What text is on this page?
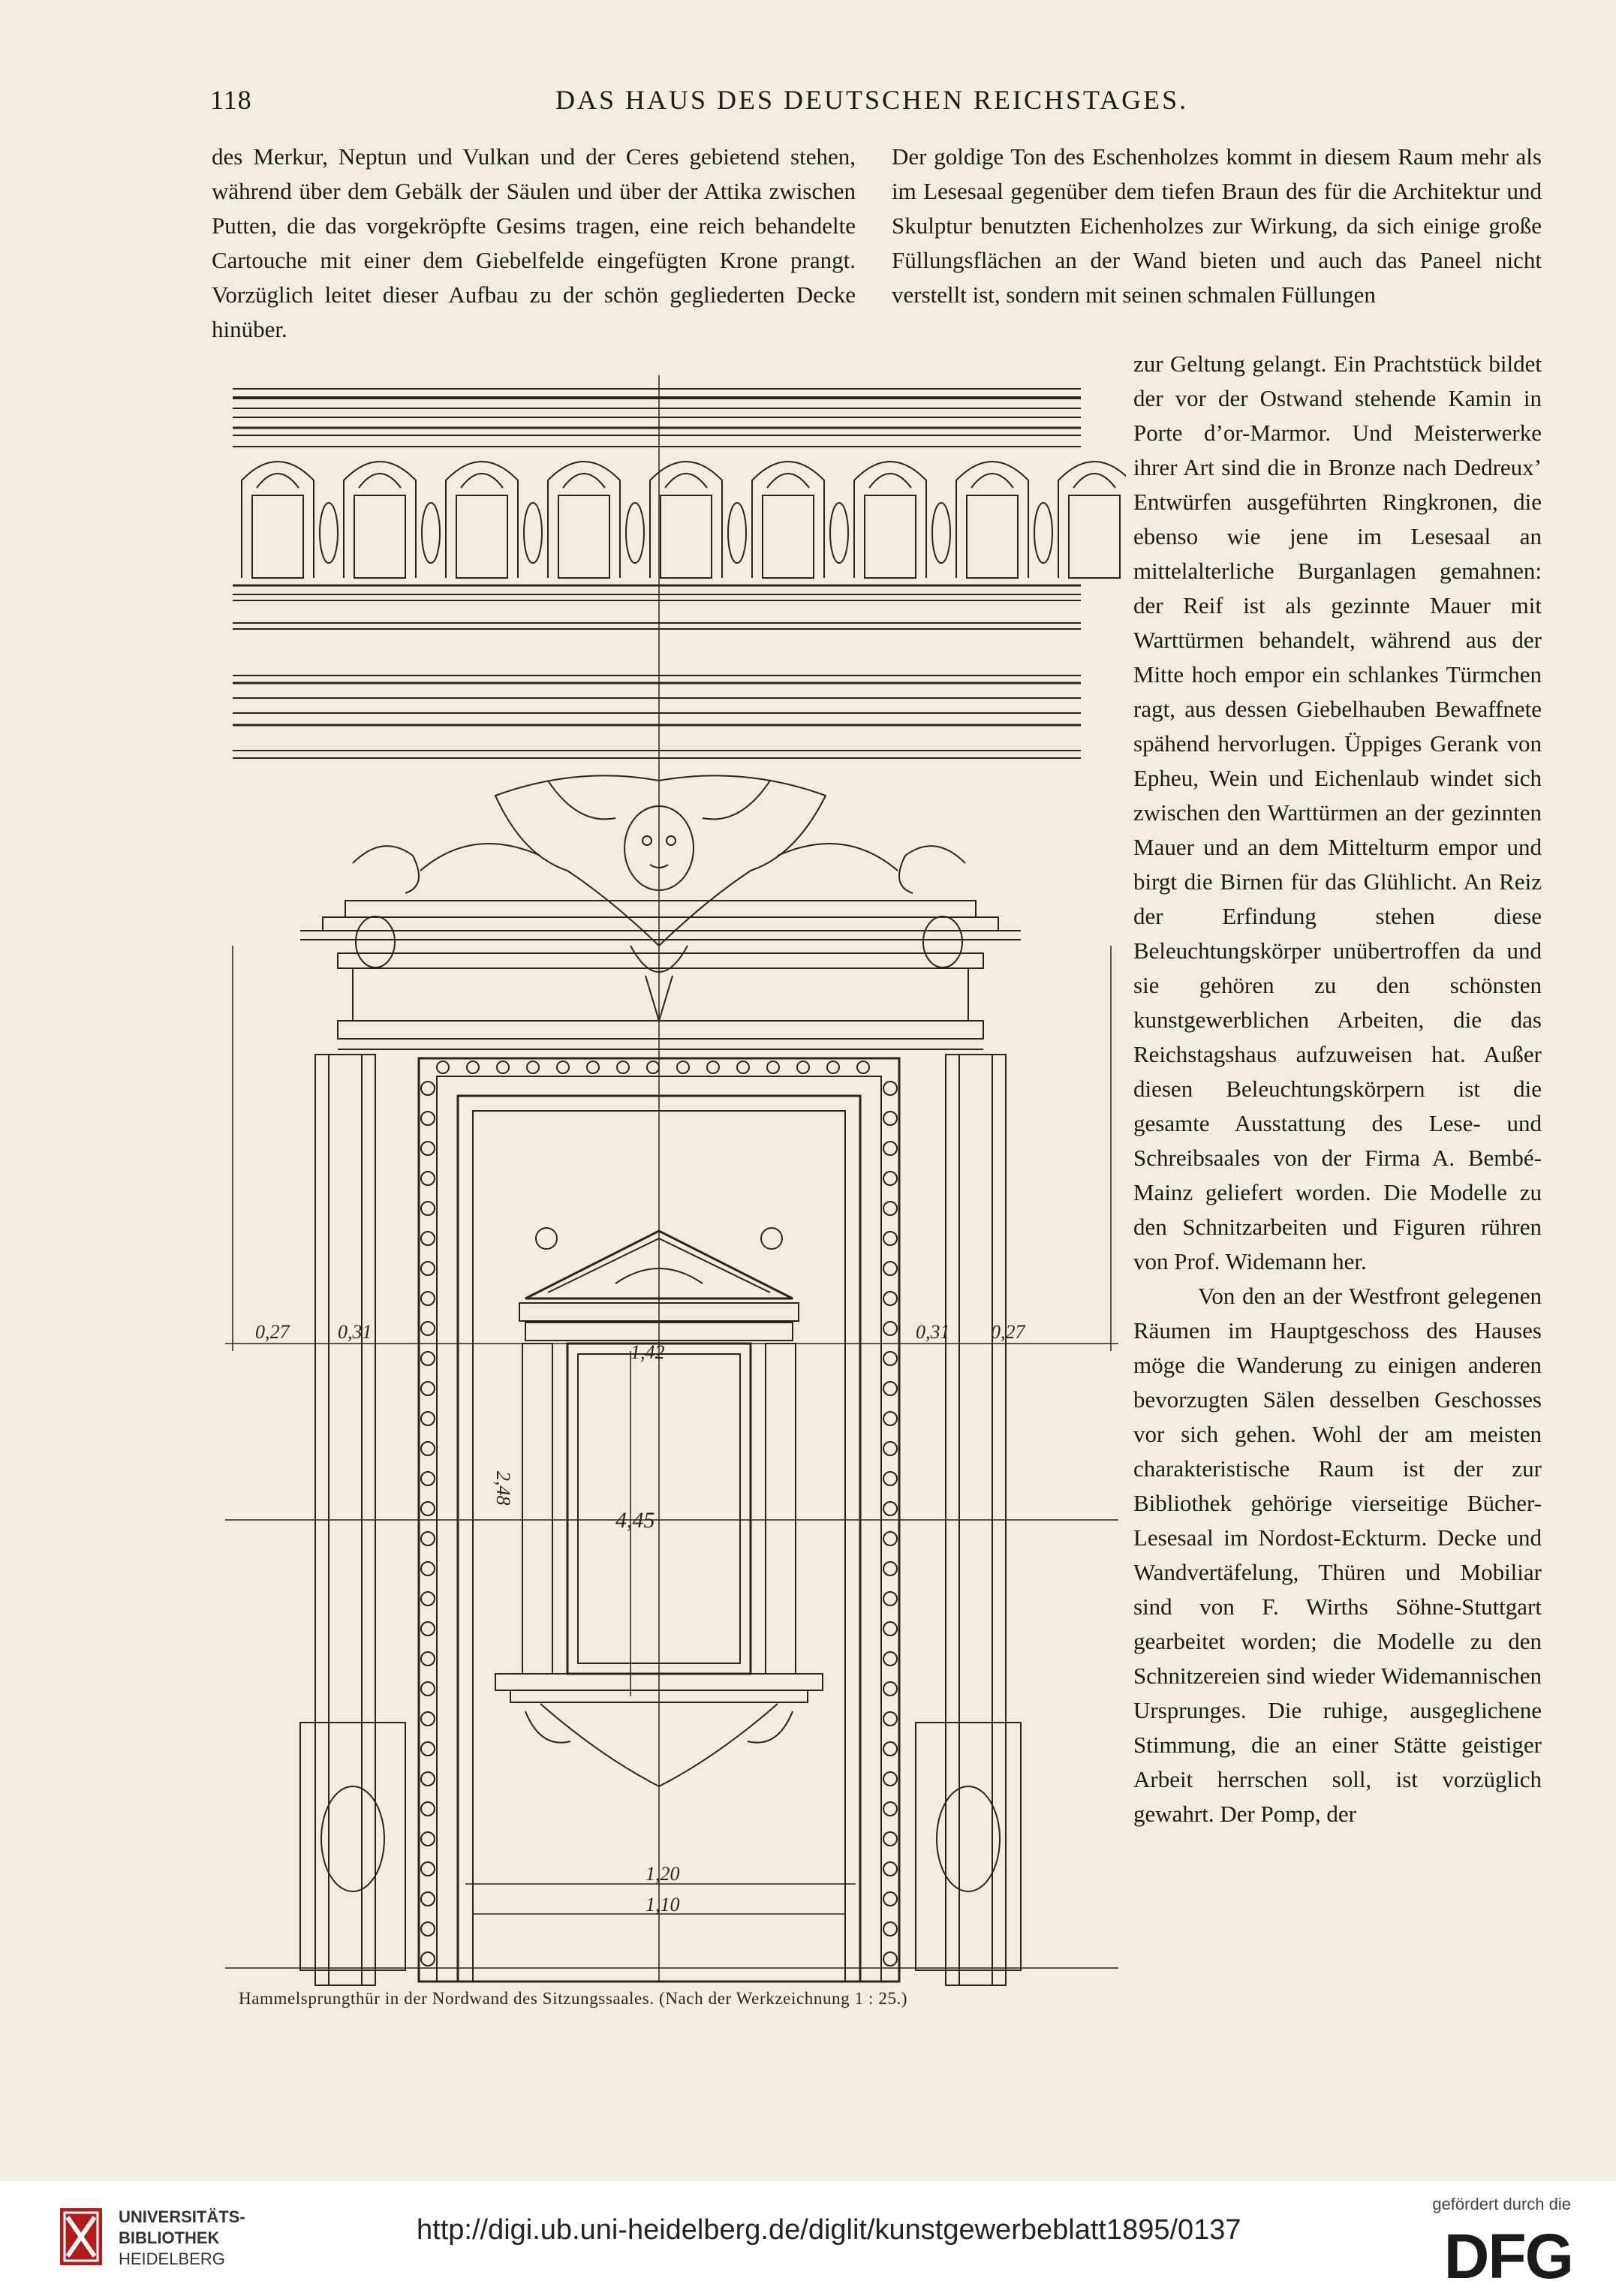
118	DAS HAUS DES DEUTSCHEN REICHSTAGES.

des Merkur, Neptun und Vulkan und der Ceres gebietend stehen, während über dem Gebälk der Säulen und über der Attika zwischen Putten, die das vorgekröpfte Gesims tragen, eine reich behandelte Cartouche mit einer dem Giebelfelde eingefügten Krone prangt. Vorzüglich leitet dieser Aufbau zu der schön gegliederten Decke hinüber.

Der goldige Ton des Eschenholzes kommt in diesem Raum mehr als im Lesesaal gegenüber dem tiefen Braun des für die Architektur und Skulptur benutzten Eichenholzes zur Wirkung, da sich einige große Füllungsflächen an der Wand bieten und auch das Paneel nicht verstellt ist, sondern mit seinen schmalen Füllungen

zur Geltung gelangt. Ein Prachtstück bildet der vor der Ostwand stehende Kamin in Porte d’or-Marmor. Und Meisterwerke ihrer Art sind die in Bronze nach Dedreux’ Entwürfen ausgeführten Ringkronen, die ebenso wie jene im Lesesaal an mittelalterliche Burganlagen gemahnen: der Reif ist als gezinnte Mauer mit Warttürmen behandelt, während aus der Mitte hoch empor ein schlankes Türmchen ragt, aus dessen Giebelhauben Bewaffnete spähend hervorlugen. Üppiges Gerank von Epheu, Wein und Eichenlaub windet sich zwischen den Warttürmen an der gezinnten Mauer und an dem Mittelturm empor und birgt die Birnen für das Glühlicht. An Reiz der Erfindung stehen diese Beleuchtungskörper unübertroffen da und sie gehören zu den schönsten kunstgewerblichen Arbeiten, die das Reichstagshaus aufzuweisen hat. Außer diesen Beleuchtungskörpern ist die gesamte Ausstattung des Lese- und Schreibsaales von der Firma A. Bembé-Mainz geliefert worden. Die Modelle zu den Schnitzarbeiten und Figuren rühren von Prof. Widemann her.

Von den an der Westfront gelegenen Räumen im Hauptgeschoss des Hauses möge die Wanderung zu einigen anderen bevorzugten Sälen desselben Geschosses vor sich gehen. Wohl der am meisten charakteristische Raum ist der zur Bibliothek gehörige vierseitige Bücher-Lesesaal im Nordost-Eckturm. Decke und Wandvertäfelung, Thüren und Mobiliar sind von F. Wirths Söhne-Stuttgart gearbeitet worden; die Modelle zu den Schnitzereien sind wieder Widemannischen Ursprunges. Die ruhige, ausgeglichene Stimmung, die an einer Stätte geistiger Arbeit herrschen soll, ist vorzüglich gewahrt. Der Pomp, der

0,27 0,31
1,42
0,31 0,27
4,45
1,20
1,10
2,48
Hammelsprungthür in der Nordwand des Sitzungssaales. (Nach der Werkzeichnung 1 : 25.)
UNIVERSITÄTS-
BIBLIOTHEK
HEIDELBERG
http://digi.ub.uni-heidelberg.de/diglit/kunstgewerbeblatt1895/0137
gefördert durch die
DFG
